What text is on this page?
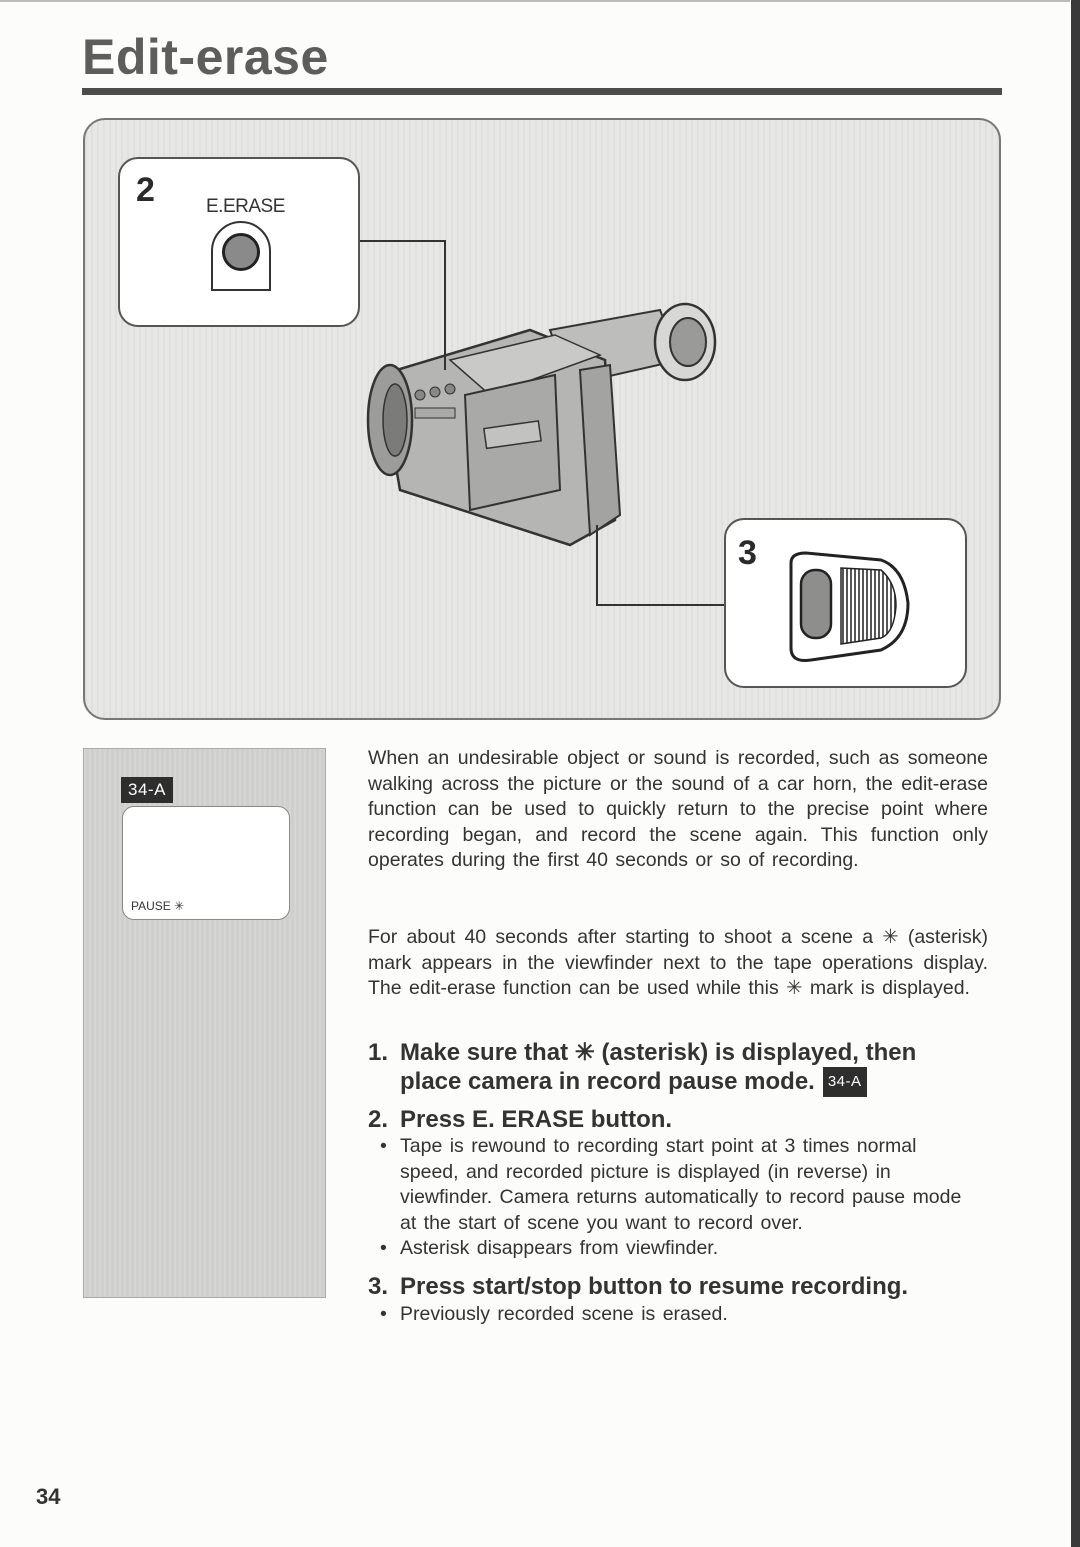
Edit-erase
2	E.ERASE
3
34-A
PAUSE ✳
When an undesirable object or sound is recorded, such as someone walking across the picture or the sound of a car horn, the edit-erase function can be used to quickly return to the precise point where recording began, and record the scene again. This function only operates during the first 40 seconds or so of recording.
For about 40 seconds after starting to shoot a scene a ✳ (asterisk) mark appears in the viewfinder next to the tape operations display. The edit-erase function can be used while this ✳ mark is displayed.
1. Make sure that ✳ (asterisk) is displayed, then
place camera in record pause mode. 34-A
2. Press E. ERASE button.
• Tape is rewound to recording start point at 3 times normal speed, and recorded picture is displayed (in reverse) in viewfinder. Camera returns automatically to record pause mode at the start of scene you want to record over.
• Asterisk disappears from viewfinder.
3. Press start/stop button to resume recording.
• Previously recorded scene is erased.
34
